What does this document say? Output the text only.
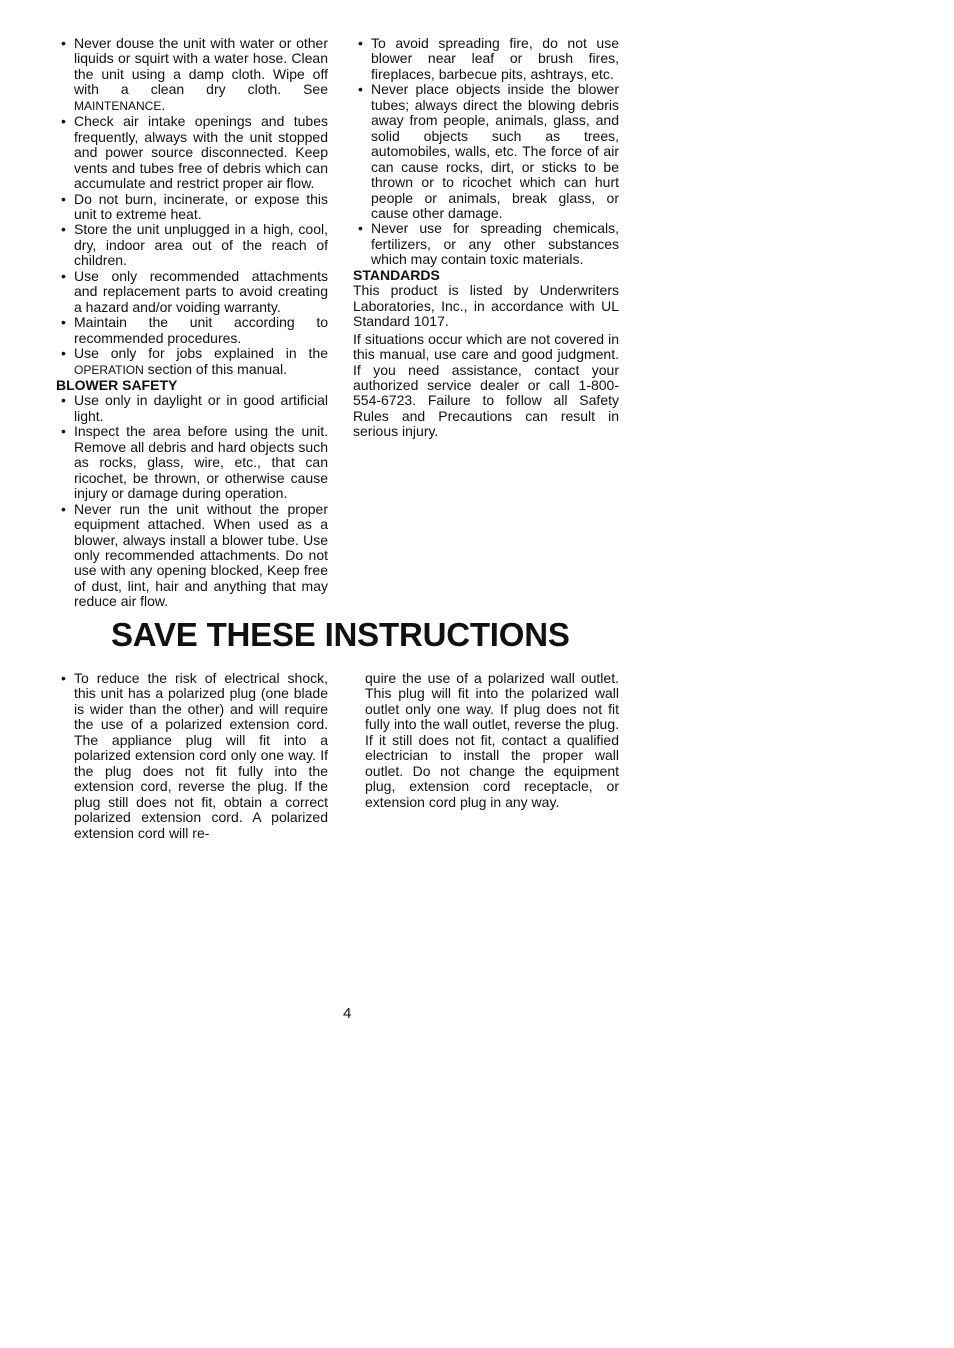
• Never douse the unit with water or other liquids or squirt with a water hose. Clean the unit using a damp cloth. Wipe off with a clean dry cloth. See MAINTENANCE.
• Check air intake openings and tubes frequently, always with the unit stopped and power source disconnected. Keep vents and tubes free of debris which can accumulate and restrict proper air flow.
• Do not burn, incinerate, or expose this unit to extreme heat.
• Store the unit unplugged in a high, cool, dry, indoor area out of the reach of children.
• Use only recommended attachments and replacement parts to avoid creating a hazard and/or voiding warranty.
• Maintain the unit according to recommended procedures.
• Use only for jobs explained in the OPERATION section of this manual.
BLOWER SAFETY
• Use only in daylight or in good artificial light.
• Inspect the area before using the unit. Remove all debris and hard objects such as rocks, glass, wire, etc., that can ricochet, be thrown, or otherwise cause injury or damage during operation.
• Never run the unit without the proper equipment attached. When used as a blower, always install a blower tube. Use only recommended attachments. Do not use with any opening blocked, Keep free of dust, lint, hair and anything that may reduce air flow.
• To avoid spreading fire, do not use blower near leaf or brush fires, fireplaces, barbecue pits, ashtrays, etc.
• Never place objects inside the blower tubes; always direct the blowing debris away from people, animals, glass, and solid objects such as trees, automobiles, walls, etc. The force of air can cause rocks, dirt, or sticks to be thrown or to ricochet which can hurt people or animals, break glass, or cause other damage.
• Never use for spreading chemicals, fertilizers, or any other substances which may contain toxic materials.
STANDARDS

This product is listed by Underwriters Laboratories, Inc., in accordance with UL Standard 1017.

If situations occur which are not covered in this manual, use care and good judgment. If you need assistance, contact your authorized service dealer or call 1-800-554-6723. Failure to follow all Safety Rules and Precautions can result in serious injury.

SAVE THESE INSTRUCTIONS
• To reduce the risk of electrical shock, this unit has a polarized plug (one blade is wider than the other) and will require the use of a polarized extension cord. The appliance plug will fit into a polarized extension cord only one way. If the plug does not fit fully into the extension cord, reverse the plug. If the plug still does not fit, obtain a correct polarized extension cord. A polarized extension cord will re-

quire the use of a polarized wall outlet. This plug will fit into the polarized wall outlet only one way. If plug does not fit fully into the wall outlet, reverse the plug. If it still does not fit, contact a qualified electrician to install the proper wall outlet. Do not change the equipment plug, extension cord receptacle, or extension cord plug in any way.

4
